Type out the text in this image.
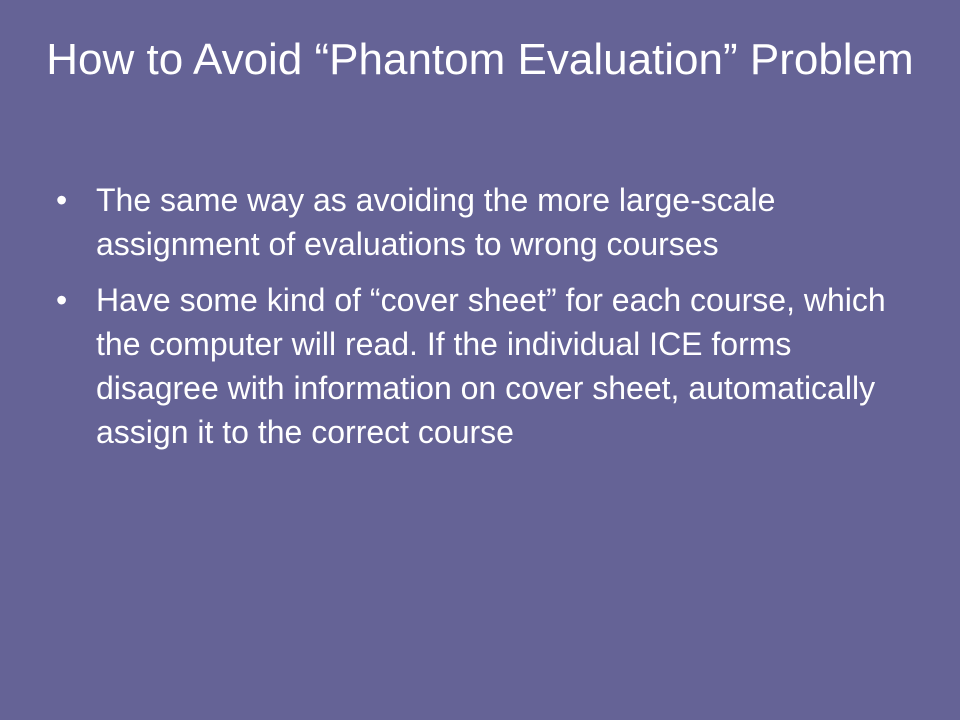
How to Avoid “Phantom Evaluation” Problem
• The same way as avoiding the more large-scale assignment of evaluations to wrong courses
• Have some kind of “cover sheet” for each course, which the computer will read. If the individual ICE forms disagree with information on cover sheet, automatically assign it to the correct course
